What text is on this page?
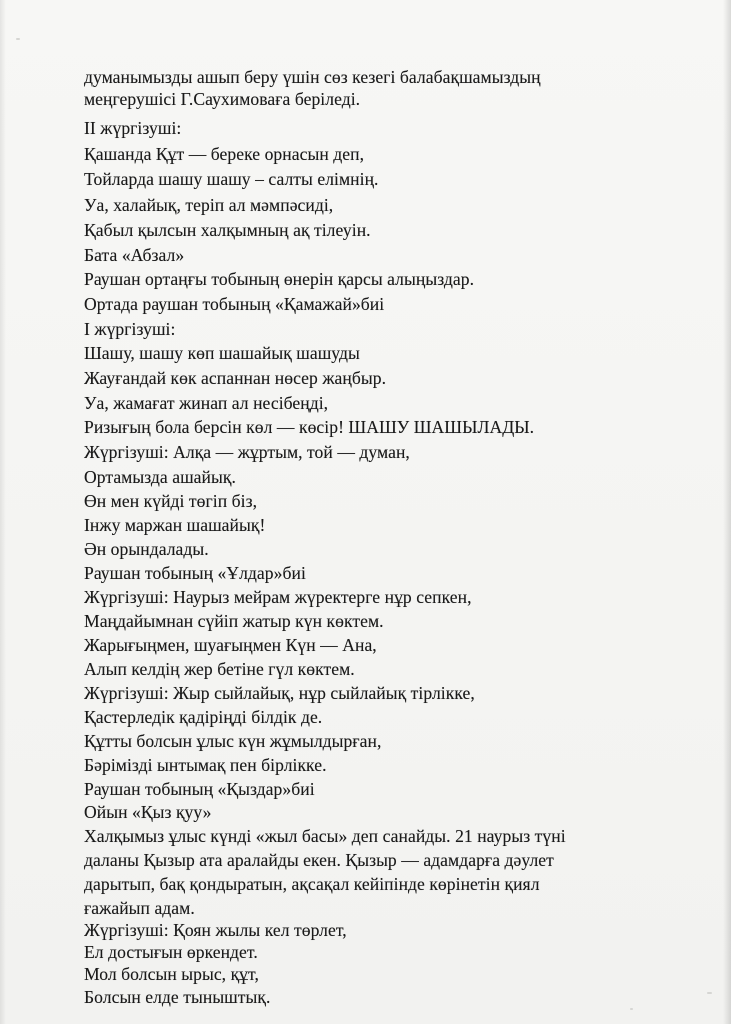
думанымызды ашып беру үшін сөз кезегі балабақшамыздың
меңгерушісі Г.Саухимоваға беріледі.
ІІ жүргізуші:
Қашанда Құт — береке орнасын деп,
Тойларда шашу шашу – салты елімнің.
Уа, халайық, теріп ал мәмпәсиді,
Қабыл қылсын халқымның ақ тілеуін.
Бата «Абзал»
Раушан ортаңғы тобының өнерін қарсы алыңыздар.
Ортада раушан тобының «Қамажай»биі
І жүргізуші:
Шашу, шашу көп шашайық шашуды
Жауғандай көк аспаннан нөсер жаңбыр.
Уа, жамағат жинап ал несібеңді,
Ризығың бола берсін көл — көсір! ШАШУ ШАШЫЛАДЫ.
Жүргізуші: Алқа — жұртым, той — думан,
Ортамызда ашайық.
Өн мен күйді төгіп біз,
Інжу маржан шашайық!
Ән орындалады.
Раушан тобының «Ұлдар»биі
Жүргізуші: Наурыз мейрам жүректерге нұр сепкен,
Маңдайымнан сүйіп жатыр күн көктем.
Жарығыңмен, шуағыңмен Күн — Ана,
Алып келдің жер бетіне гүл көктем.
Жүргізуші: Жыр сыйлайық, нұр сыйлайық тірлікке,
Қастерледік қадіріңді білдік де.
Құтты болсын ұлыс күн жұмылдырған,
Бәрімізді ынтымақ пен бірлікке.
Раушан тобының «Қыздар»биі
Ойын «Қыз қуу»
Халқымыз ұлыс күнді «жыл басы» деп санайды. 21 наурыз түні
даланы Қызыр ата аралайды екен. Қызыр — адамдарға дәулет
дарытып, бақ қондыратын, ақсақал кейіпінде көрінетін қиял
ғажайып адам.
Жүргізуші: Қоян жылы кел төрлет,
Ел достығын өркендет.
Мол болсын ырыс, құт,
Болсын елде тыныштық.
